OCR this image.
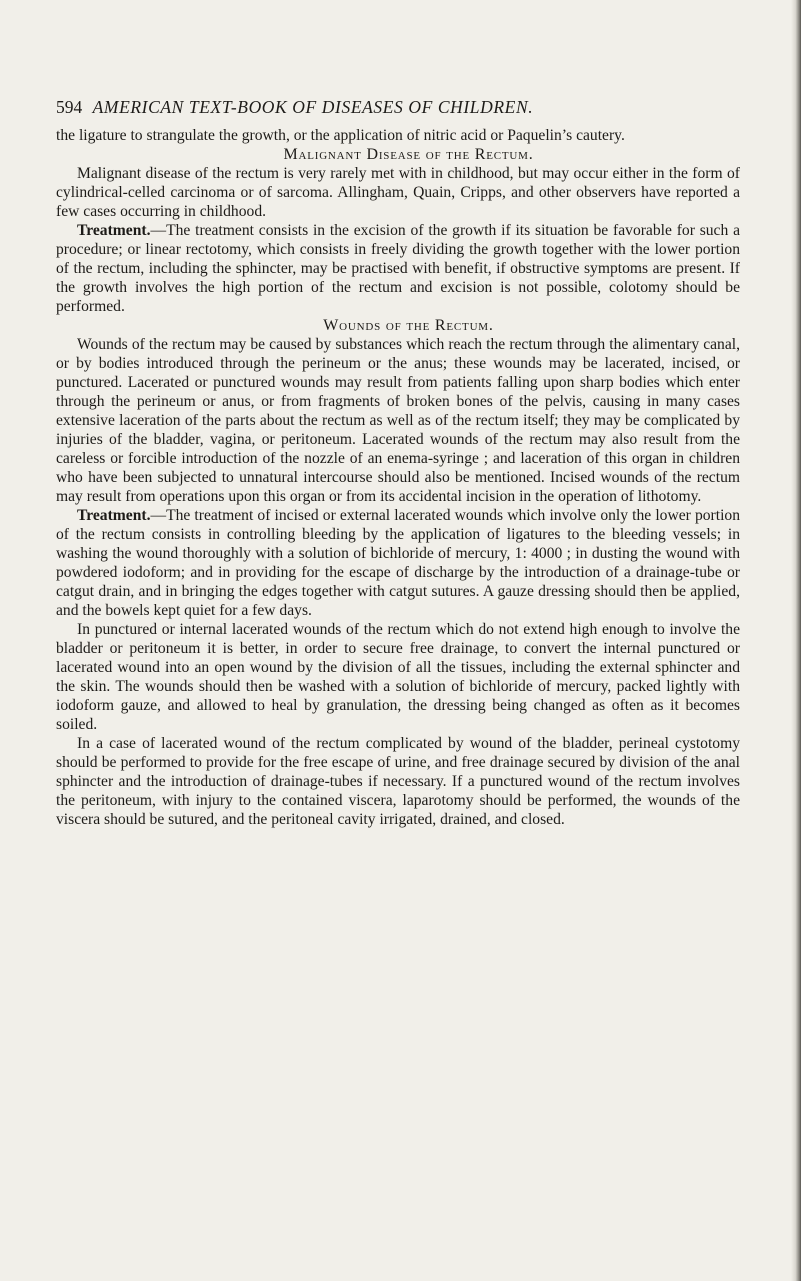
594 AMERICAN TEXT-BOOK OF DISEASES OF CHILDREN.

the ligature to strangulate the growth, or the application of nitric acid or Paquelin’s cautery.

Malignant Disease of the Rectum.

Malignant disease of the rectum is very rarely met with in childhood, but may occur either in the form of cylindrical-celled carcinoma or of sarcoma. Allingham, Quain, Cripps, and other observers have reported a few cases occurring in childhood.

Treatment.—The treatment consists in the excision of the growth if its situation be favorable for such a procedure; or linear rectotomy, which consists in freely dividing the growth together with the lower portion of the rectum, including the sphincter, may be practised with benefit, if obstructive symptoms are present. If the growth involves the high portion of the rectum and excision is not possible, colotomy should be performed.

Wounds of the Rectum.

Wounds of the rectum may be caused by substances which reach the rectum through the alimentary canal, or by bodies introduced through the perineum or the anus; these wounds may be lacerated, incised, or punctured. Lacerated or punctured wounds may result from patients falling upon sharp bodies which enter through the perineum or anus, or from fragments of broken bones of the pelvis, causing in many cases extensive laceration of the parts about the rectum as well as of the rectum itself; they may be complicated by injuries of the bladder, vagina, or peritoneum. Lacerated wounds of the rectum may also result from the careless or forcible introduction of the nozzle of an enema-syringe ; and laceration of this organ in children who have been subjected to unnatural intercourse should also be mentioned. Incised wounds of the rectum may result from operations upon this organ or from its accidental incision in the operation of lithotomy.

Treatment.—The treatment of incised or external lacerated wounds which involve only the lower portion of the rectum consists in controlling bleeding by the application of ligatures to the bleeding vessels; in washing the wound thoroughly with a solution of bichloride of mercury, 1: 4000 ; in dusting the wound with powdered iodoform; and in providing for the escape of discharge by the introduction of a drainage-tube or catgut drain, and in bringing the edges together with catgut sutures. A gauze dressing should then be applied, and the bowels kept quiet for a few days.

In punctured or internal lacerated wounds of the rectum which do not extend high enough to involve the bladder or peritoneum it is better, in order to secure free drainage, to convert the internal punctured or lacerated wound into an open wound by the division of all the tissues, including the external sphincter and the skin. The wounds should then be washed with a solution of bichloride of mercury, packed lightly with iodoform gauze, and allowed to heal by granulation, the dressing being changed as often as it becomes soiled.

In a case of lacerated wound of the rectum complicated by wound of the bladder, perineal cystotomy should be performed to provide for the free escape of urine, and free drainage secured by division of the anal sphincter and the introduction of drainage-tubes if necessary. If a punctured wound of the rectum involves the peritoneum, with injury to the contained viscera, laparotomy should be performed, the wounds of the viscera should be sutured, and the peritoneal cavity irrigated, drained, and closed.
